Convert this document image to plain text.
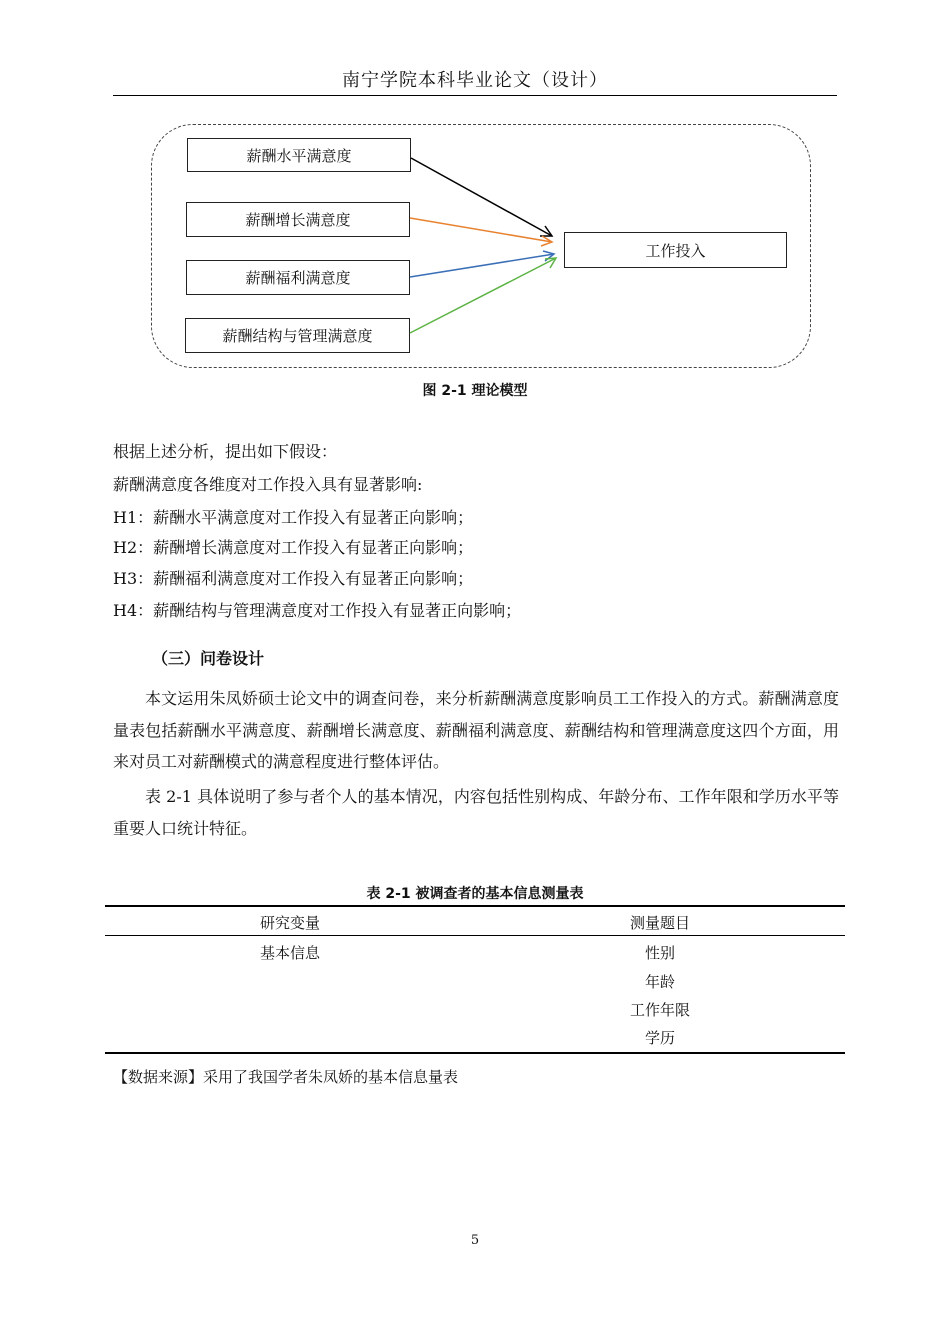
南宁学院本科毕业论文（设计）
薪酬水平满意度
薪酬增长满意度
薪酬福利满意度
薪酬结构与管理满意度
工作投入
图 2-1 理论模型
根据上述分析，提出如下假设：
薪酬满意度各维度对工作投入具有显著影响:
H1：薪酬水平满意度对工作投入有显著正向影响；
H2：薪酬增长满意度对工作投入有显著正向影响；
H3：薪酬福利满意度对工作投入有显著正向影响；
H4：薪酬结构与管理满意度对工作投入有显著正向影响；
（三）问卷设计
本文运用朱凤娇硕士论文中的调查问卷，来分析薪酬满意度影响员工工作投入的方式。薪酬满意度量表包括薪酬水平满意度、薪酬增长满意度、薪酬福利满意度、薪酬结构和管理满意度这四个方面，用来对员工对薪酬模式的满意程度进行整体评估。
表 2-1 具体说明了参与者个人的基本情况，内容包括性别构成、年龄分布、工作年限和学历水平等重要人口统计特征。
表 2-1 被调查者的基本信息测量表
研究变量	测量题目
基本信息	性别
年龄
工作年限
学历
【数据来源】采用了我国学者朱凤娇的基本信息量表
5
